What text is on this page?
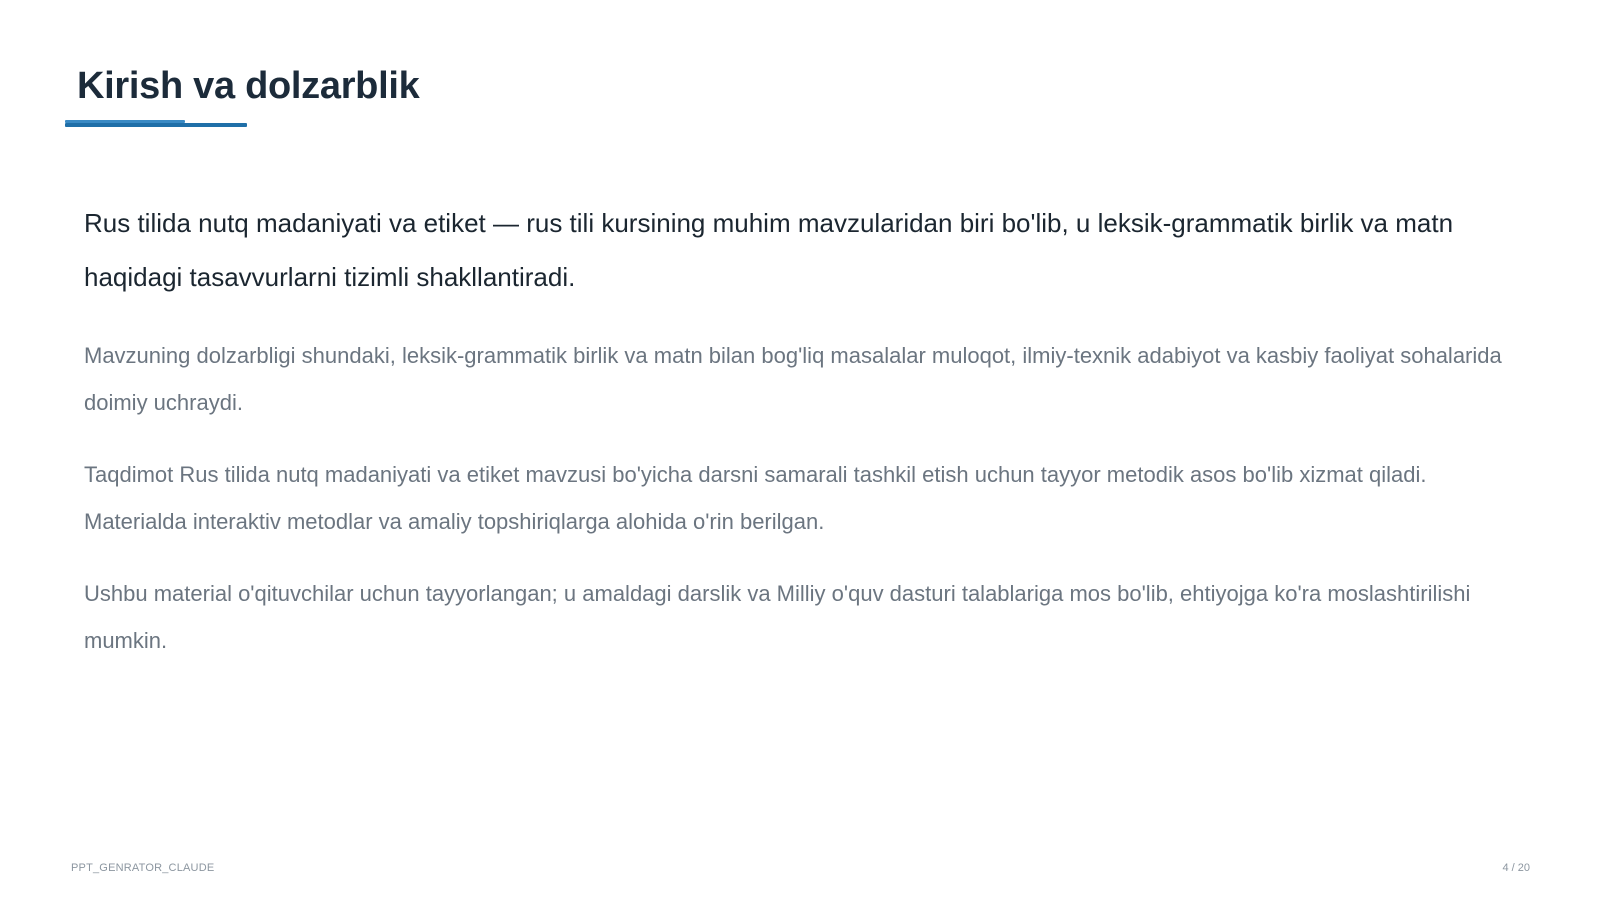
Kirish va dolzarblik

Rus tilida nutq madaniyati va etiket — rus tili kursining muhim mavzularidan biri bo'lib, u leksik-grammatik birlik va matn haqidagi tasavvurlarni tizimli shakllantiradi.

Mavzuning dolzarbligi shundaki, leksik-grammatik birlik va matn bilan bog'liq masalalar muloqot, ilmiy-texnik adabiyot va kasbiy faoliyat sohalarida doimiy uchraydi.

Taqdimot Rus tilida nutq madaniyati va etiket mavzusi bo'yicha darsni samarali tashkil etish uchun tayyor metodik asos bo'lib xizmat qiladi. Materialda interaktiv metodlar va amaliy topshiriqlarga alohida o'rin berilgan.

Ushbu material o'qituvchilar uchun tayyorlangan; u amaldagi darslik va Milliy o'quv dasturi talablariga mos bo'lib, ehtiyojga ko'ra moslashtirilishi mumkin.

PPT_GENRATOR_CLAUDE	4 / 20
